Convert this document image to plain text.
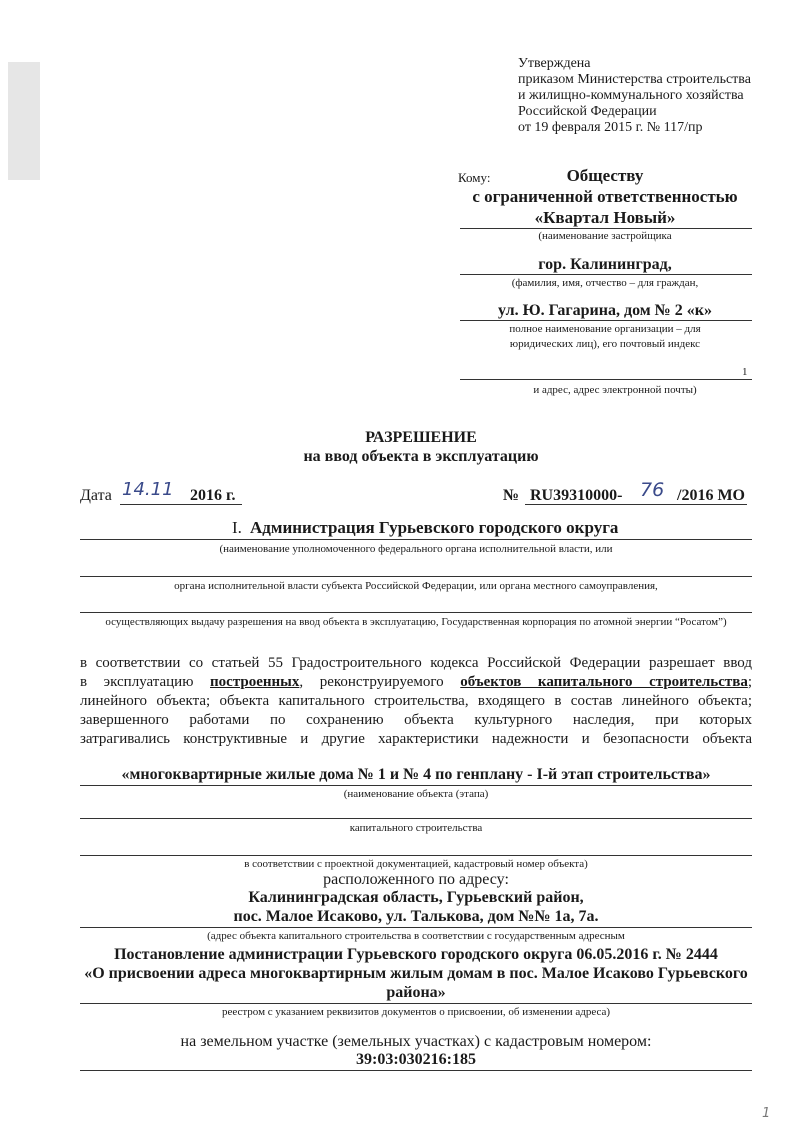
Утверждена
приказом Министерства строительства
и жилищно-коммунального хозяйства
Российской Федерации
от 19 февраля 2015 г. № 117/пр
Кому:	Обществу
с ограниченной ответственностью
«Квартал Новый»
(наименование застройщика
гор. Калининград,
(фамилия, имя, отчество – для граждан,
ул. Ю. Гагарина, дом № 2 «к»
полное наименование организации – для
юридических лиц), его почтовый индекс
1
и адрес, адрес электронной почты)
РАЗРЕШЕНИЕ
на ввод объекта в эксплуатацию
Дата 14.11 2016 г.	№ RU39310000- 76 /2016 МО
I. Администрация Гурьевского городского округа
(наименование уполномоченного федерального органа исполнительной власти, или
органа исполнительной власти субъекта Российской Федерации, или органа местного самоуправления,
осуществляющих выдачу разрешения на ввод объекта в эксплуатацию, Государственная корпорация по атомной энергии “Росатом”)
в соответствии со статьей 55 Градостроительного кодекса Российской Федерации разрешает ввод
в эксплуатацию построенных, реконструируемого объектов капитального строительства;
линейного объекта; объекта капитального строительства, входящего в состав линейного объекта;
завершенного работами по сохранению объекта культурного наследия, при которых
затрагивались конструктивные и другие характеристики надежности и безопасности объекта
«многоквартирные жилые дома № 1 и № 4 по генплану - I-й этап строительства»
(наименование объекта (этапа)
капитального строительства
в соответствии с проектной документацией, кадастровый номер объекта)
расположенного по адресу:
Калининградская область, Гурьевский район,
пос. Малое Исаково, ул. Талькова, дом №№ 1а, 7а.
(адрес объекта капитального строительства в соответствии с государственным адресным
Постановление администрации Гурьевского городского округа 06.05.2016 г. № 2444
«О присвоении адреса многоквартирным жилым домам в пос. Малое Исаково Гурьевского
района»
реестром с указанием реквизитов документов о присвоении, об изменении адреса)
на земельном участке (земельных участках) с кадастровым номером:
39:03:030216:185
1
